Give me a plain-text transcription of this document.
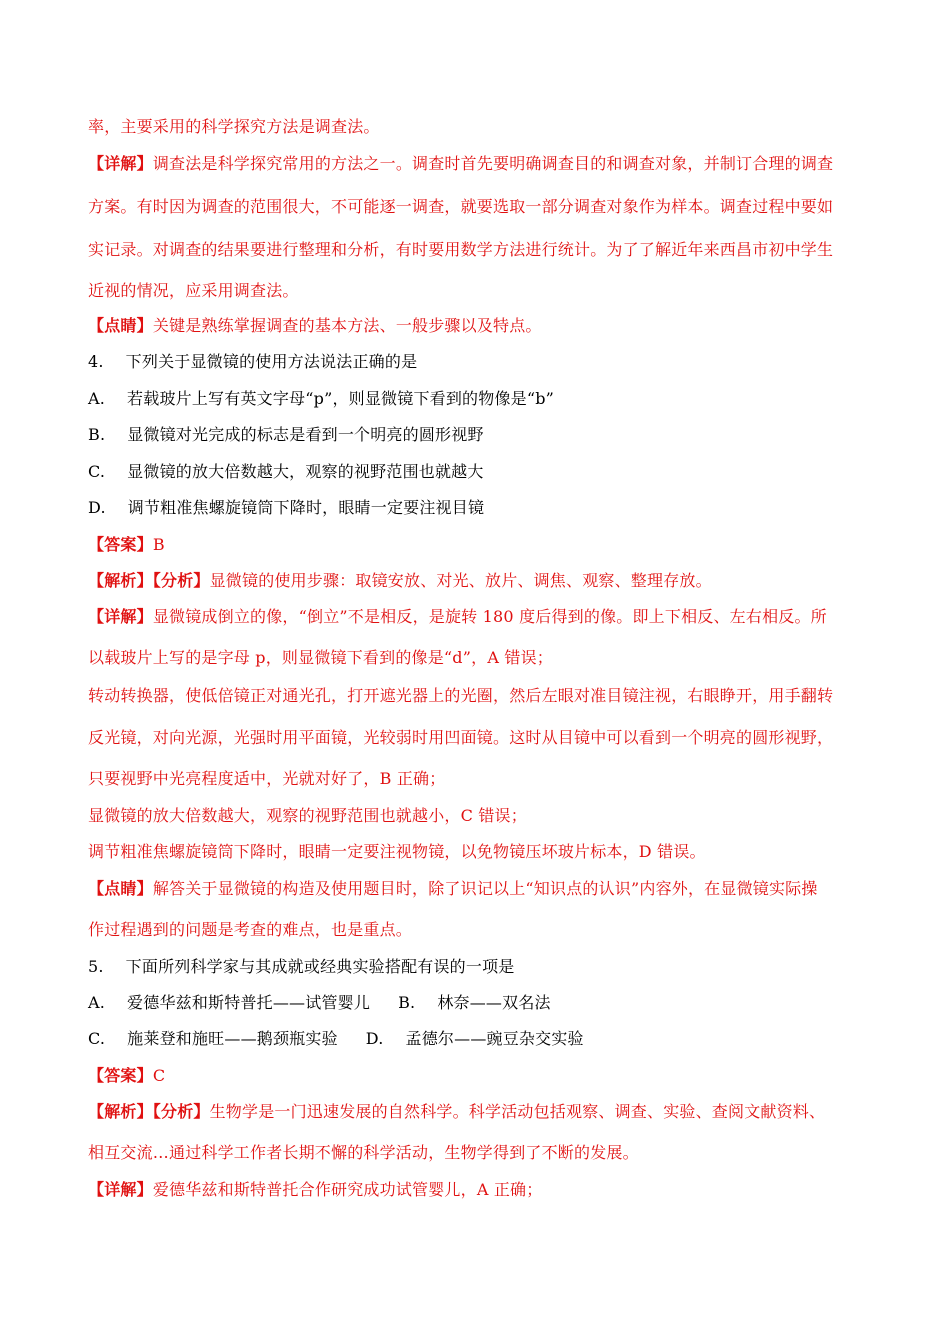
率，主要采用的科学探究方法是调查法。
【详解】调查法是科学探究常用的方法之一。调查时首先要明确调查目的和调查对象，并制订合理的调查
方案。有时因为调查的范围很大，不可能逐一调查，就要选取一部分调查对象作为样本。调查过程中要如
实记录。对调查的结果要进行整理和分析，有时要用数学方法进行统计。为了了解近年来西昌市初中学生
近视的情况，应采用调查法。
【点睛】关键是熟练掌握调查的基本方法、一般步骤以及特点。
4. 下列关于显微镜的使用方法说法正确的是
A. 若载玻片上写有英文字母“p”，则显微镜下看到的物像是“b”
B. 显微镜对光完成的标志是看到一个明亮的圆形视野
C. 显微镜的放大倍数越大，观察的视野范围也就越大
D. 调节粗准焦螺旋镜筒下降时，眼睛一定要注视目镜
【答案】B
【解析】【分析】显微镜的使用步骤：取镜安放、对光、放片、调焦、观察、整理存放。
【详解】显微镜成倒立的像，“倒立”不是相反，是旋转 180 度后得到的像。即上下相反、左右相反。所
以载玻片上写的是字母 p，则显微镜下看到的像是“d”，A 错误；
转动转换器，使低倍镜正对通光孔，打开遮光器上的光圈，然后左眼对准目镜注视，右眼睁开，用手翻转
反光镜，对向光源，光强时用平面镜，光较弱时用凹面镜。这时从目镜中可以看到一个明亮的圆形视野，
只要视野中光亮程度适中，光就对好了，B 正确；
显微镜的放大倍数越大，观察的视野范围也就越小，C 错误；
调节粗准焦螺旋镜筒下降时，眼睛一定要注视物镜，以免物镜压坏玻片标本，D 错误。
【点睛】解答关于显微镜的构造及使用题目时，除了识记以上“知识点的认识”内容外，在显微镜实际操
作过程遇到的问题是考查的难点，也是重点。
5. 下面所列科学家与其成就或经典实验搭配有误的一项是
A. 爱德华兹和斯特普托——试管婴儿 B. 林奈——双名法
C. 施莱登和施旺——鹅颈瓶实验 D. 孟德尔——豌豆杂交实验
【答案】C
【解析】【分析】生物学是一门迅速发展的自然科学。科学活动包括观察、调查、实验、查阅文献资料、
相互交流…通过科学工作者长期不懈的科学活动，生物学得到了不断的发展。
【详解】爱德华兹和斯特普托合作研究成功试管婴儿，A 正确；
